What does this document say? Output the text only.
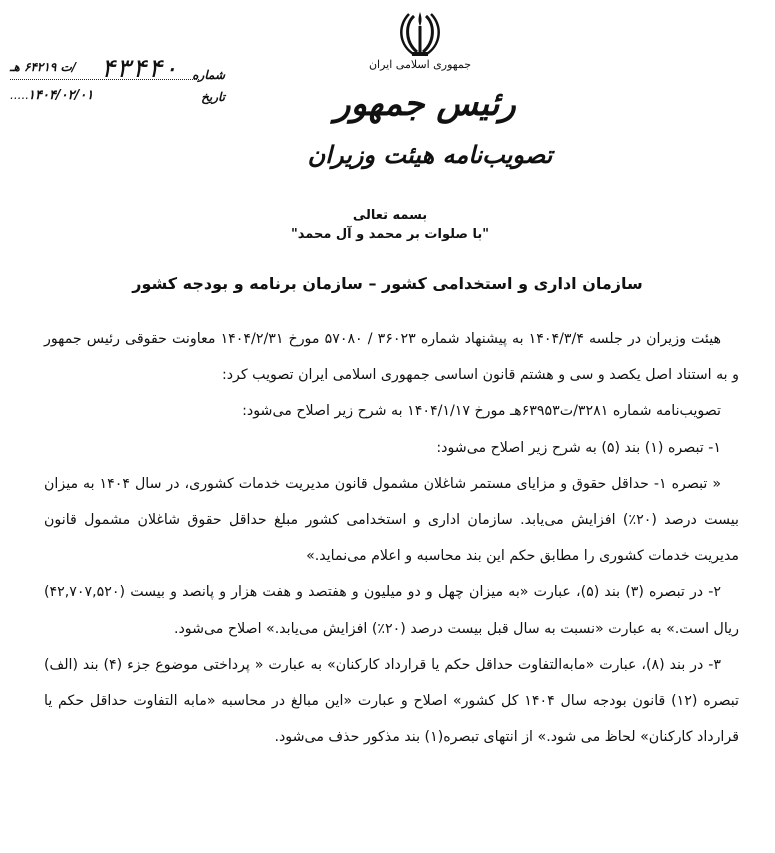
جمهوری اسلامی ایران
رئیس جمهور
تصویب‌نامه هیئت وزیران
شماره
۴۳۴۴۰
/ت ۶۴۲۱۹ هـ
تاریخ
۱۴۰۴/۰۲/۰۱
.....
بسمه تعالی
"با صلوات بر محمد و آل محمد"
سازمان اداری و استخدامی کشور – سازمان برنامه و بودجه کشور

هیئت وزیران در جلسه ۱۴۰۴/۳/۴ به پیشنهاد شماره ۳۶۰۲۳ / ۵۷۰۸۰ مورخ ۱۴۰۴/۲/۳۱ معاونت حقوقی رئیس جمهور و به استناد اصل یکصد و سی و هشتم قانون اساسی جمهوری اسلامی ایران تصویب کرد:

تصویب‌نامه شماره ۳۲۸۱/ت۶۳۹۵۳هـ مورخ ۱۴۰۴/۱/۱۷ به شرح زیر اصلاح می‌شود:

۱- تبصره (۱) بند (۵) به شرح زیر اصلاح می‌شود:

« تبصره ۱- حداقل حقوق و مزایای مستمر شاغلان مشمول قانون مدیریت خدمات کشوری، در سال ۱۴۰۴ به میزان بیست درصد (۲۰٪) افزایش می‌یابد. سازمان اداری و استخدامی کشور مبلغ حداقل حقوق شاغلان مشمول قانون مدیریت خدمات کشوری را مطابق حکم این بند محاسبه و اعلام می‌نماید.»

۲- در تبصره (۳) بند (۵)، عبارت «به میزان چهل و دو میلیون و هفتصد و هفت هزار و پانصد و بیست (۴۲,۷۰۷,۵۲۰) ریال است.» به عبارت «نسبت به سال قبل بیست درصد (۲۰٪) افزایش می‌یابد.» اصلاح می‌شود.

۳- در بند (۸)، عبارت «مابه‌التفاوت حداقل حکم یا قرارداد کارکنان» به عبارت « پرداختی موضوع جزء (۴) بند (الف) تبصره (۱۲) قانون بودجه سال ۱۴۰۴ کل کشور» اصلاح و عبارت «این مبالغ در محاسبه «مابه التفاوت حداقل حکم یا قرارداد کارکنان» لحاظ می شود.» از انتهای تبصره(۱) بند مذکور حذف می‌شود.
